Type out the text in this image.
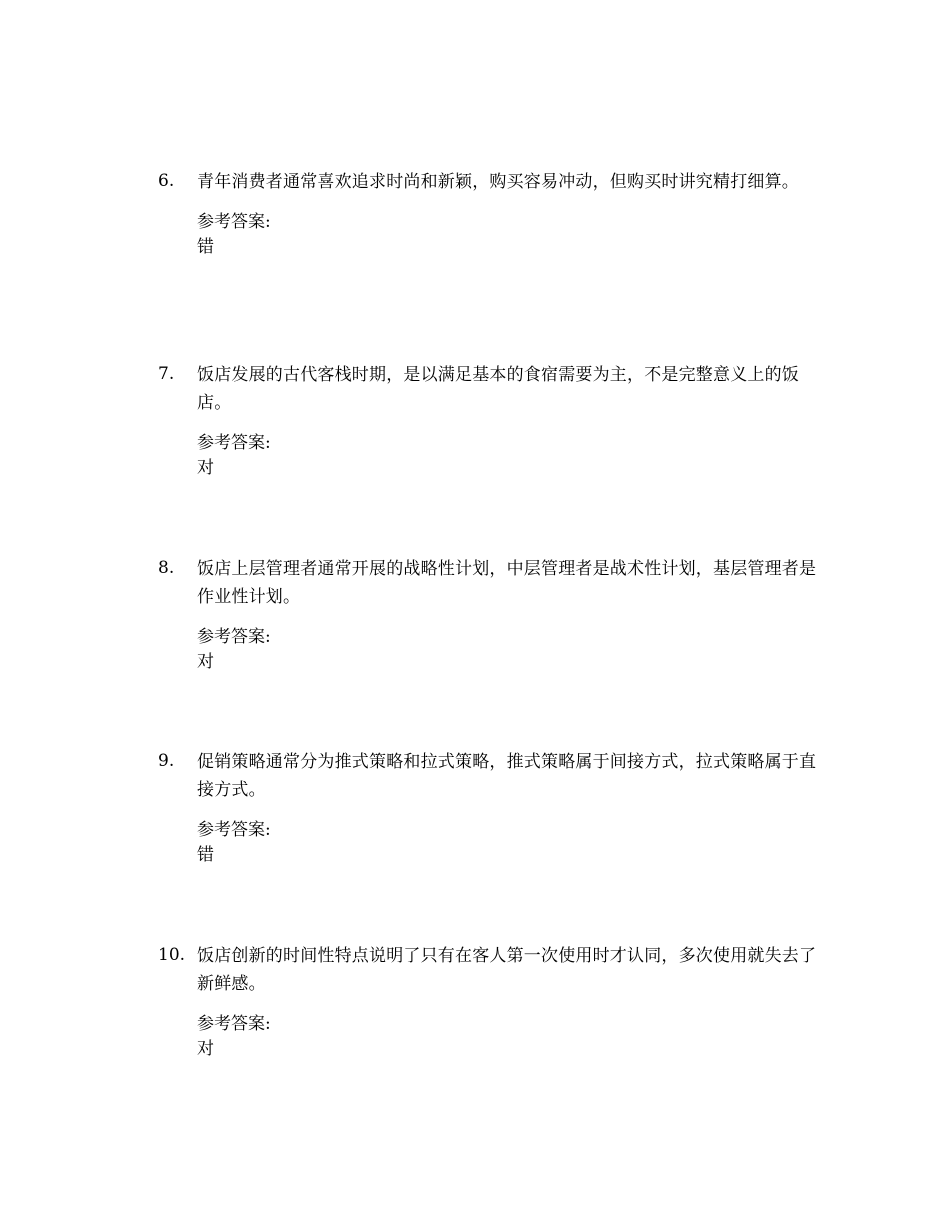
6. 青年消费者通常喜欢追求时尚和新颖，购买容易冲动，但购买时讲究精打细算。
参考答案:
错
7. 饭店发展的古代客栈时期，是以满足基本的食宿需要为主，不是完整意义上的饭店。
参考答案:
对
8. 饭店上层管理者通常开展的战略性计划，中层管理者是战术性计划，基层管理者是作业性计划。
参考答案:
对
9. 促销策略通常分为推式策略和拉式策略，推式策略属于间接方式，拉式策略属于直接方式。
参考答案:
错
10. 饭店创新的时间性特点说明了只有在客人第一次使用时才认同，多次使用就失去了新鲜感。
参考答案:
对
